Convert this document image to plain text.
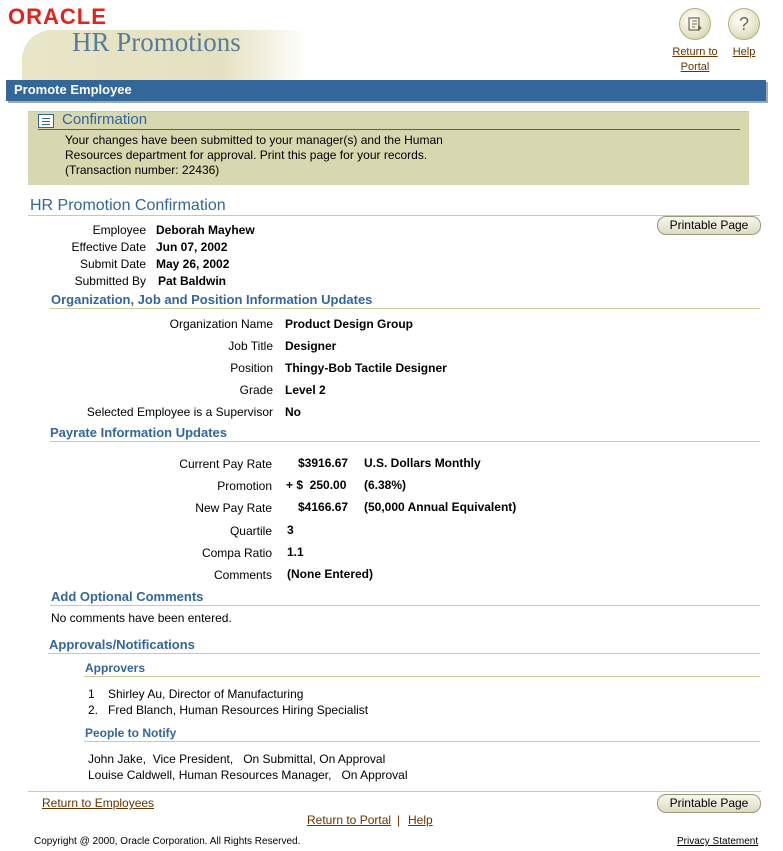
ORACLE
HR Promotions	Return to
Portal
?
Help
Promote Employee
Confirmation
Your changes have been submitted to your manager(s) and the Human
Resources department for approval. Print this page for your records.
(Transaction number: 22436)
HR Promotion Confirmation
Printable Page
Employee Deborah Mayhew
Effective Date Jun 07, 2002
Submit Date May 26, 2002
Submitted By Pat Baldwin
Organization, Job and Position Information Updates
Organization Name Product Design Group
Job Title Designer
Position Thingy-Bob Tactile Designer
Grade Level 2
Selected Employee is a Supervisor No
Payrate Information Updates
Current Pay Rate $3916.67 U.S. Dollars Monthly
Promotion + $  250.00 (6.38%)
New Pay Rate $4166.67 (50,000 Annual Equivalent)
Quartile 3
Compa Ratio 1.1
Comments (None Entered)
Add Optional Comments
No comments have been entered.
Approvals/Notifications
Approvers
1 Shirley Au, Director of Manufacturing
2. Fred Blanch, Human Resources Hiring Specialist
People to Notify
John Jake,  Vice President,   On Submittal, On Approval
Louise Caldwell, Human Resources Manager,   On Approval
Return to Employees	Printable Page
Return to Portal | Help
Copyright @ 2000, Oracle Corporation. All Rights Reserved.	Privacy Statement
